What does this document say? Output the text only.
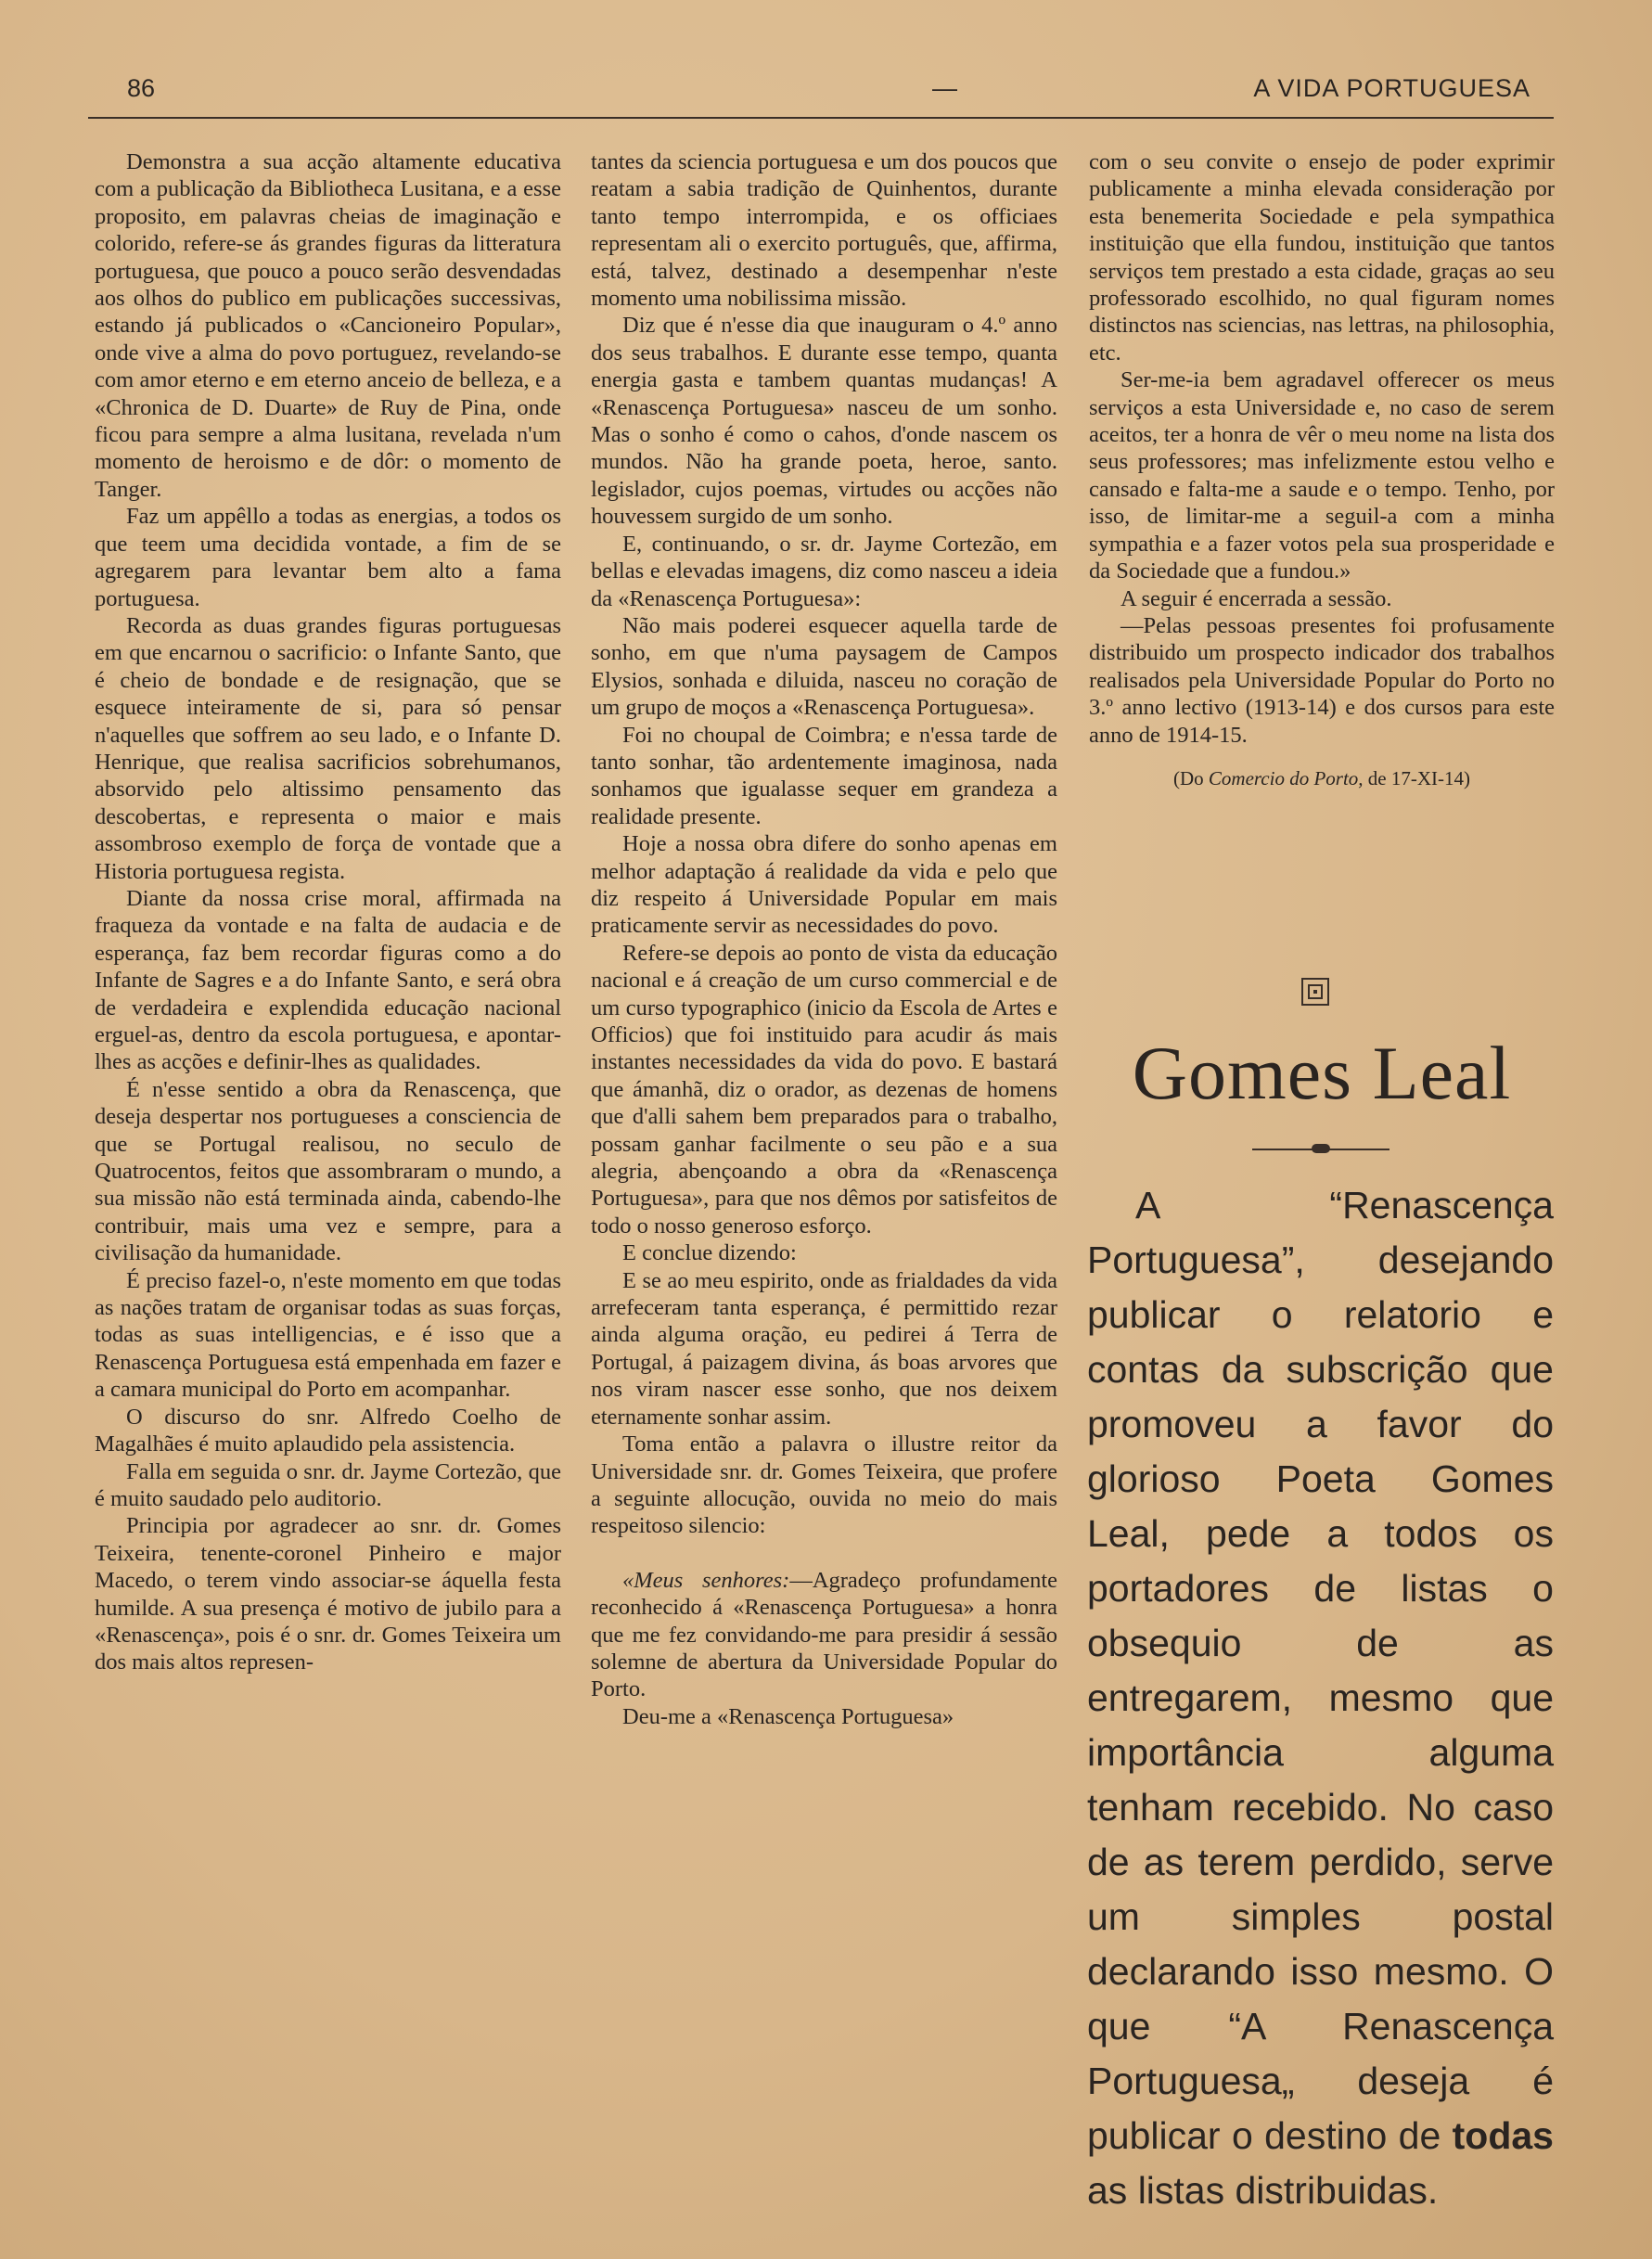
86	—	A VIDA PORTUGUESA

Demonstra a sua acção altamente educativa com a publicação da Bibliotheca Lusitana, e a esse proposito, em palavras cheias de imaginação e colorido, refere-se ás grandes figuras da litteratura portuguesa, que pouco a pouco serão desvendadas aos olhos do publico em publicações successivas, estando já publicados o «Cancioneiro Popular», onde vive a alma do povo portuguez, revelando-se com amor eterno e em eterno anceio de belleza, e a «Chronica de D. Duarte» de Ruy de Pina, onde ficou para sempre a alma lusitana, revelada n'um momento de heroismo e de dôr: o momento de Tanger.

Faz um appêllo a todas as energias, a todos os que teem uma decidida vontade, a fim de se agregarem para levantar bem alto a fama portuguesa.

Recorda as duas grandes figuras portuguesas em que encarnou o sacrificio: o Infante Santo, que é cheio de bondade e de resignação, que se esquece inteiramente de si, para só pensar n'aquelles que soffrem ao seu lado, e o Infante D. Henrique, que realisa sacrificios sobrehumanos, absorvido pelo altissimo pensamento das descobertas, e representa o maior e mais assombroso exemplo de força de vontade que a Historia portuguesa regista.

Diante da nossa crise moral, affirmada na fraqueza da vontade e na falta de audacia e de esperança, faz bem recordar figuras como a do Infante de Sagres e a do Infante Santo, e será obra de verdadeira e explendida educação nacional erguel-as, dentro da escola portuguesa, e apontar-lhes as acções e definir-lhes as qualidades.

É n'esse sentido a obra da Renascença, que deseja despertar nos portugueses a consciencia de que se Portugal realisou, no seculo de Quatrocentos, feitos que assombraram o mundo, a sua missão não está terminada ainda, cabendo-lhe contribuir, mais uma vez e sempre, para a civilisação da humanidade.

É preciso fazel-o, n'este momento em que todas as nações tratam de organisar todas as suas forças, todas as suas intelligencias, e é isso que a Renascença Portuguesa está empenhada em fazer e a camara municipal do Porto em acompanhar.

O discurso do snr. Alfredo Coelho de Magalhães é muito aplaudido pela assistencia.

Falla em seguida o snr. dr. Jayme Cortezão, que é muito saudado pelo auditorio.

Principia por agradecer ao snr. dr. Gomes Teixeira, tenente-coronel Pinheiro e major Macedo, o terem vindo associar-se áquella festa humilde. A sua presença é motivo de jubilo para a «Renascença», pois é o snr. dr. Gomes Teixeira um dos mais altos represen-

tantes da sciencia portuguesa e um dos poucos que reatam a sabia tradição de Quinhentos, durante tanto tempo interrompida, e os officiaes representam ali o exercito português, que, affirma, está, talvez, destinado a desempenhar n'este momento uma nobilissima missão.

Diz que é n'esse dia que inauguram o 4.º anno dos seus trabalhos. E durante esse tempo, quanta energia gasta e tambem quantas mudanças! A «Renascença Portuguesa» nasceu de um sonho. Mas o sonho é como o cahos, d'onde nascem os mundos. Não ha grande poeta, heroe, santo. legislador, cujos poemas, virtudes ou acções não houvessem surgido de um sonho.

E, continuando, o sr. dr. Jayme Cortezão, em bellas e elevadas imagens, diz como nasceu a ideia da «Renascença Portuguesa»:

Não mais poderei esquecer aquella tarde de sonho, em que n'uma paysagem de Campos Elysios, sonhada e diluida, nasceu no coração de um grupo de moços a «Renascença Portuguesa».

Foi no choupal de Coimbra; e n'essa tarde de tanto sonhar, tão ardentemente imaginosa, nada sonhamos que igualasse sequer em grandeza a realidade presente.

Hoje a nossa obra difere do sonho apenas em melhor adaptação á realidade da vida e pelo que diz respeito á Universidade Popular em mais praticamente servir as necessidades do povo.

Refere-se depois ao ponto de vista da educação nacional e á creação de um curso commercial e de um curso typographico (inicio da Escola de Artes e Officios) que foi instituido para acudir ás mais instantes necessidades da vida do povo. E bastará que ámanhã, diz o orador, as dezenas de homens que d'alli sahem bem preparados para o trabalho, possam ganhar facilmente o seu pão e a sua alegria, abençoando a obra da «Renascença Portuguesa», para que nos dêmos por satisfeitos de todo o nosso generoso esforço.

E conclue dizendo:

E se ao meu espirito, onde as frialdades da vida arrefeceram tanta esperança, é permittido rezar ainda alguma oração, eu pedirei á Terra de Portugal, á paizagem divina, ás boas arvores que nos viram nascer esse sonho, que nos deixem eternamente sonhar assim.

Toma então a palavra o illustre reitor da Universidade snr. dr. Gomes Teixeira, que profere a seguinte allocução, ouvida no meio do mais respeitoso silencio:

«Meus senhores:—Agradeço profundamente reconhecido á «Renascença Portuguesa» a honra que me fez convidando-me para presidir á sessão solemne de abertura da Universidade Popular do Porto.

Deu-me a «Renascença Portuguesa»

com o seu convite o ensejo de poder exprimir publicamente a minha elevada consideração por esta benemerita Sociedade e pela sympathica instituição que ella fundou, instituição que tantos serviços tem prestado a esta cidade, graças ao seu professorado escolhido, no qual figuram nomes distinctos nas sciencias, nas lettras, na philosophia, etc.

Ser-me-ia bem agradavel offerecer os meus serviços a esta Universidade e, no caso de serem aceitos, ter a honra de vêr o meu nome na lista dos seus professores; mas infelizmente estou velho e cansado e falta-me a saude e o tempo. Tenho, por isso, de limitar-me a seguil-a com a minha sympathia e a fazer votos pela sua prosperidade e da Sociedade que a fundou.»

A seguir é encerrada a sessão.

—Pelas pessoas presentes foi profusamente distribuido um prospecto indicador dos trabalhos realisados pela Universidade Popular do Porto no 3.º anno lectivo (1913-14) e dos cursos para este anno de 1914-15.

(Do Comercio do Porto, de 17-XI-14)

Gomes Leal

A “Renascença Portuguesa”, desejando publicar o relatorio e contas da subscrição que promoveu a favor do glorioso Poeta Gomes Leal, pede a todos os portadores de listas o obsequio de as entregarem, mesmo que importância alguma tenham recebido. No caso de as terem perdido, serve um simples postal declarando isso mesmo. O que “A Renascença Portuguesa„ deseja é publicar o destino de todas as listas distribuidas.
